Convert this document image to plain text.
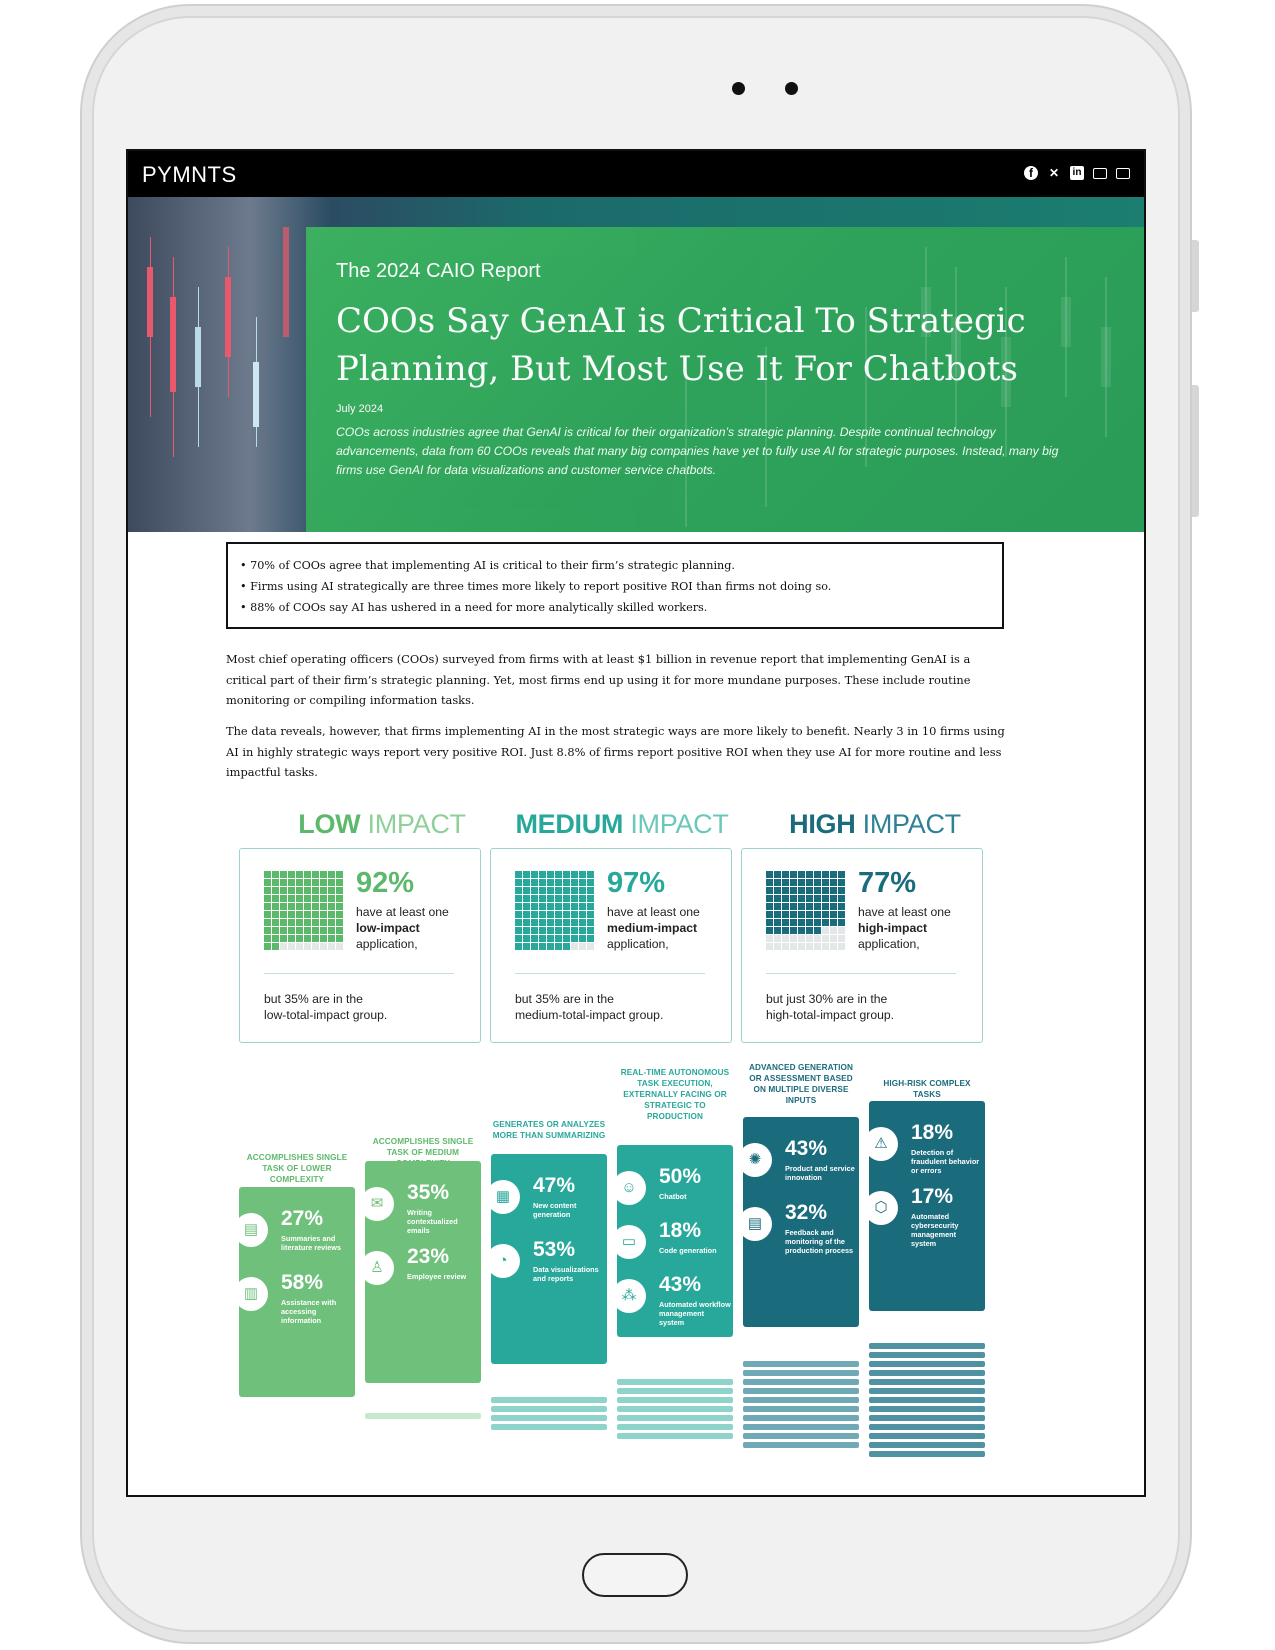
PYMNTS	f	✕ in
The 2024 CAIO Report
COOs Say GenAI is Critical To Strategic Planning, But Most Use It For Chatbots
July 2024
COOs across industries agree that GenAI is critical for their organization’s strategic planning. Despite continual technology advancements, data from 60 COOs reveals that many big companies have yet to fully use AI for strategic purposes. Instead, many big firms use GenAI for data visualizations and customer service chatbots.
• 70% of COOs agree that implementing AI is critical to their firm’s strategic planning.
• Firms using AI strategically are three times more likely to report positive ROI than firms not doing so.
• 88% of COOs say AI has ushered in a need for more analytically skilled workers.
Most chief operating officers (COOs) surveyed from firms with at least $1 billion in revenue report that implementing GenAI is a critical part of their firm’s strategic planning. Yet, most firms end up using it for more mundane purposes. These include routine monitoring or compiling information tasks.
The data reveals, however, that firms implementing AI in the most strategic ways are more likely to benefit. Nearly 3 in 10 firms using AI in highly strategic ways report very positive ROI. Just 8.8% of firms report positive ROI when they use AI for more routine and less impactful tasks.
LOW IMPACT	MEDIUM IMPACT	HIGH IMPACT
92%
have at least one
low-impact
application,
but 35% are in the
low-total-impact group.
97%
have at least one
medium-impact
application,
but 35% are in the
medium-total-impact group.
77%
have at least one
high-impact
application,
but just 30% are in the
high-total-impact group.
ACCOMPLISHES SINGLE TASK OF LOWER COMPLEXITY
▤	27%
Summaries and literature reviews
▥	58%
Assistance with accessing information
ACCOMPLISHES SINGLE TASK OF MEDIUM
✉	35%
Writing contextualized emails
♙	23%
Employee review
GENERATES OR ANALYZES MORE THAN SUMMARIZING
▦	47%
New content generation
◔	53%
Data visualizations and reports
REAL-TIME AUTONOMOUS TASK EXECUTION, EXTERNALLY FACING OR STRATEGIC TO PRODUCTION
☺	50%
Chatbot
▭	18%
Code generation
⁂	43%
Automated workflow management system
ADVANCED GENERATION OR ASSESSMENT BASED ON MULTIPLE DIVERSE INPUTS
✺	43%
Product and service innovation
▤	32%
Feedback and monitoring of the production process
HIGH-RISK COMPLEX TASKS
⚠	18%
Detection of fraudulent behavior or errors
⬡	17%
Automated cybersecurity management system
